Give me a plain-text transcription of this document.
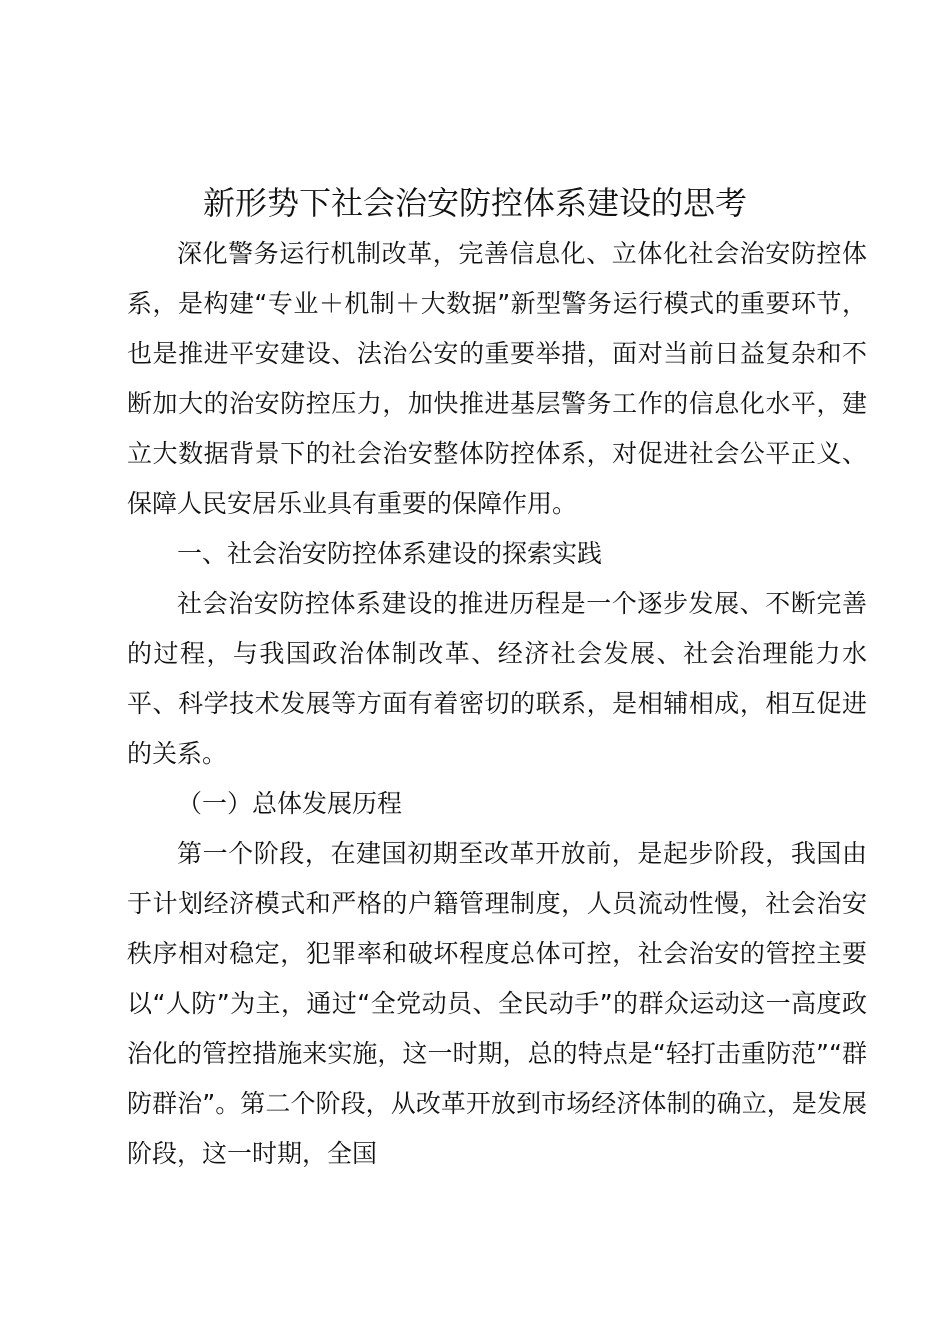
新形势下社会治安防控体系建设的思考

深化警务运行机制改革，完善信息化、立体化社会治安防控体系，是构建“专业＋机制＋大数据”新型警务运行模式的重要环节，也是推进平安建设、法治公安的重要举措，面对当前日益复杂和不断加大的治安防控压力，加快推进基层警务工作的信息化水平，建立大数据背景下的社会治安整体防控体系，对促进社会公平正义、保障人民安居乐业具有重要的保障作用。

一、社会治安防控体系建设的探索实践

社会治安防控体系建设的推进历程是一个逐步发展、不断完善的过程，与我国政治体制改革、经济社会发展、社会治理能力水平、科学技术发展等方面有着密切的联系，是相辅相成，相互促进的关系。

（一）总体发展历程

第一个阶段，在建国初期至改革开放前，是起步阶段，我国由于计划经济模式和严格的户籍管理制度，人员流动性慢，社会治安秩序相对稳定，犯罪率和破坏程度总体可控，社会治安的管控主要以“人防”为主，通过“全党动员、全民动手”的群众运动这一高度政治化的管控措施来实施，这一时期，总的特点是“轻打击重防范”“群防群治”。第二个阶段，从改革开放到市场经济体制的确立，是发展阶段，这一时期，全国
